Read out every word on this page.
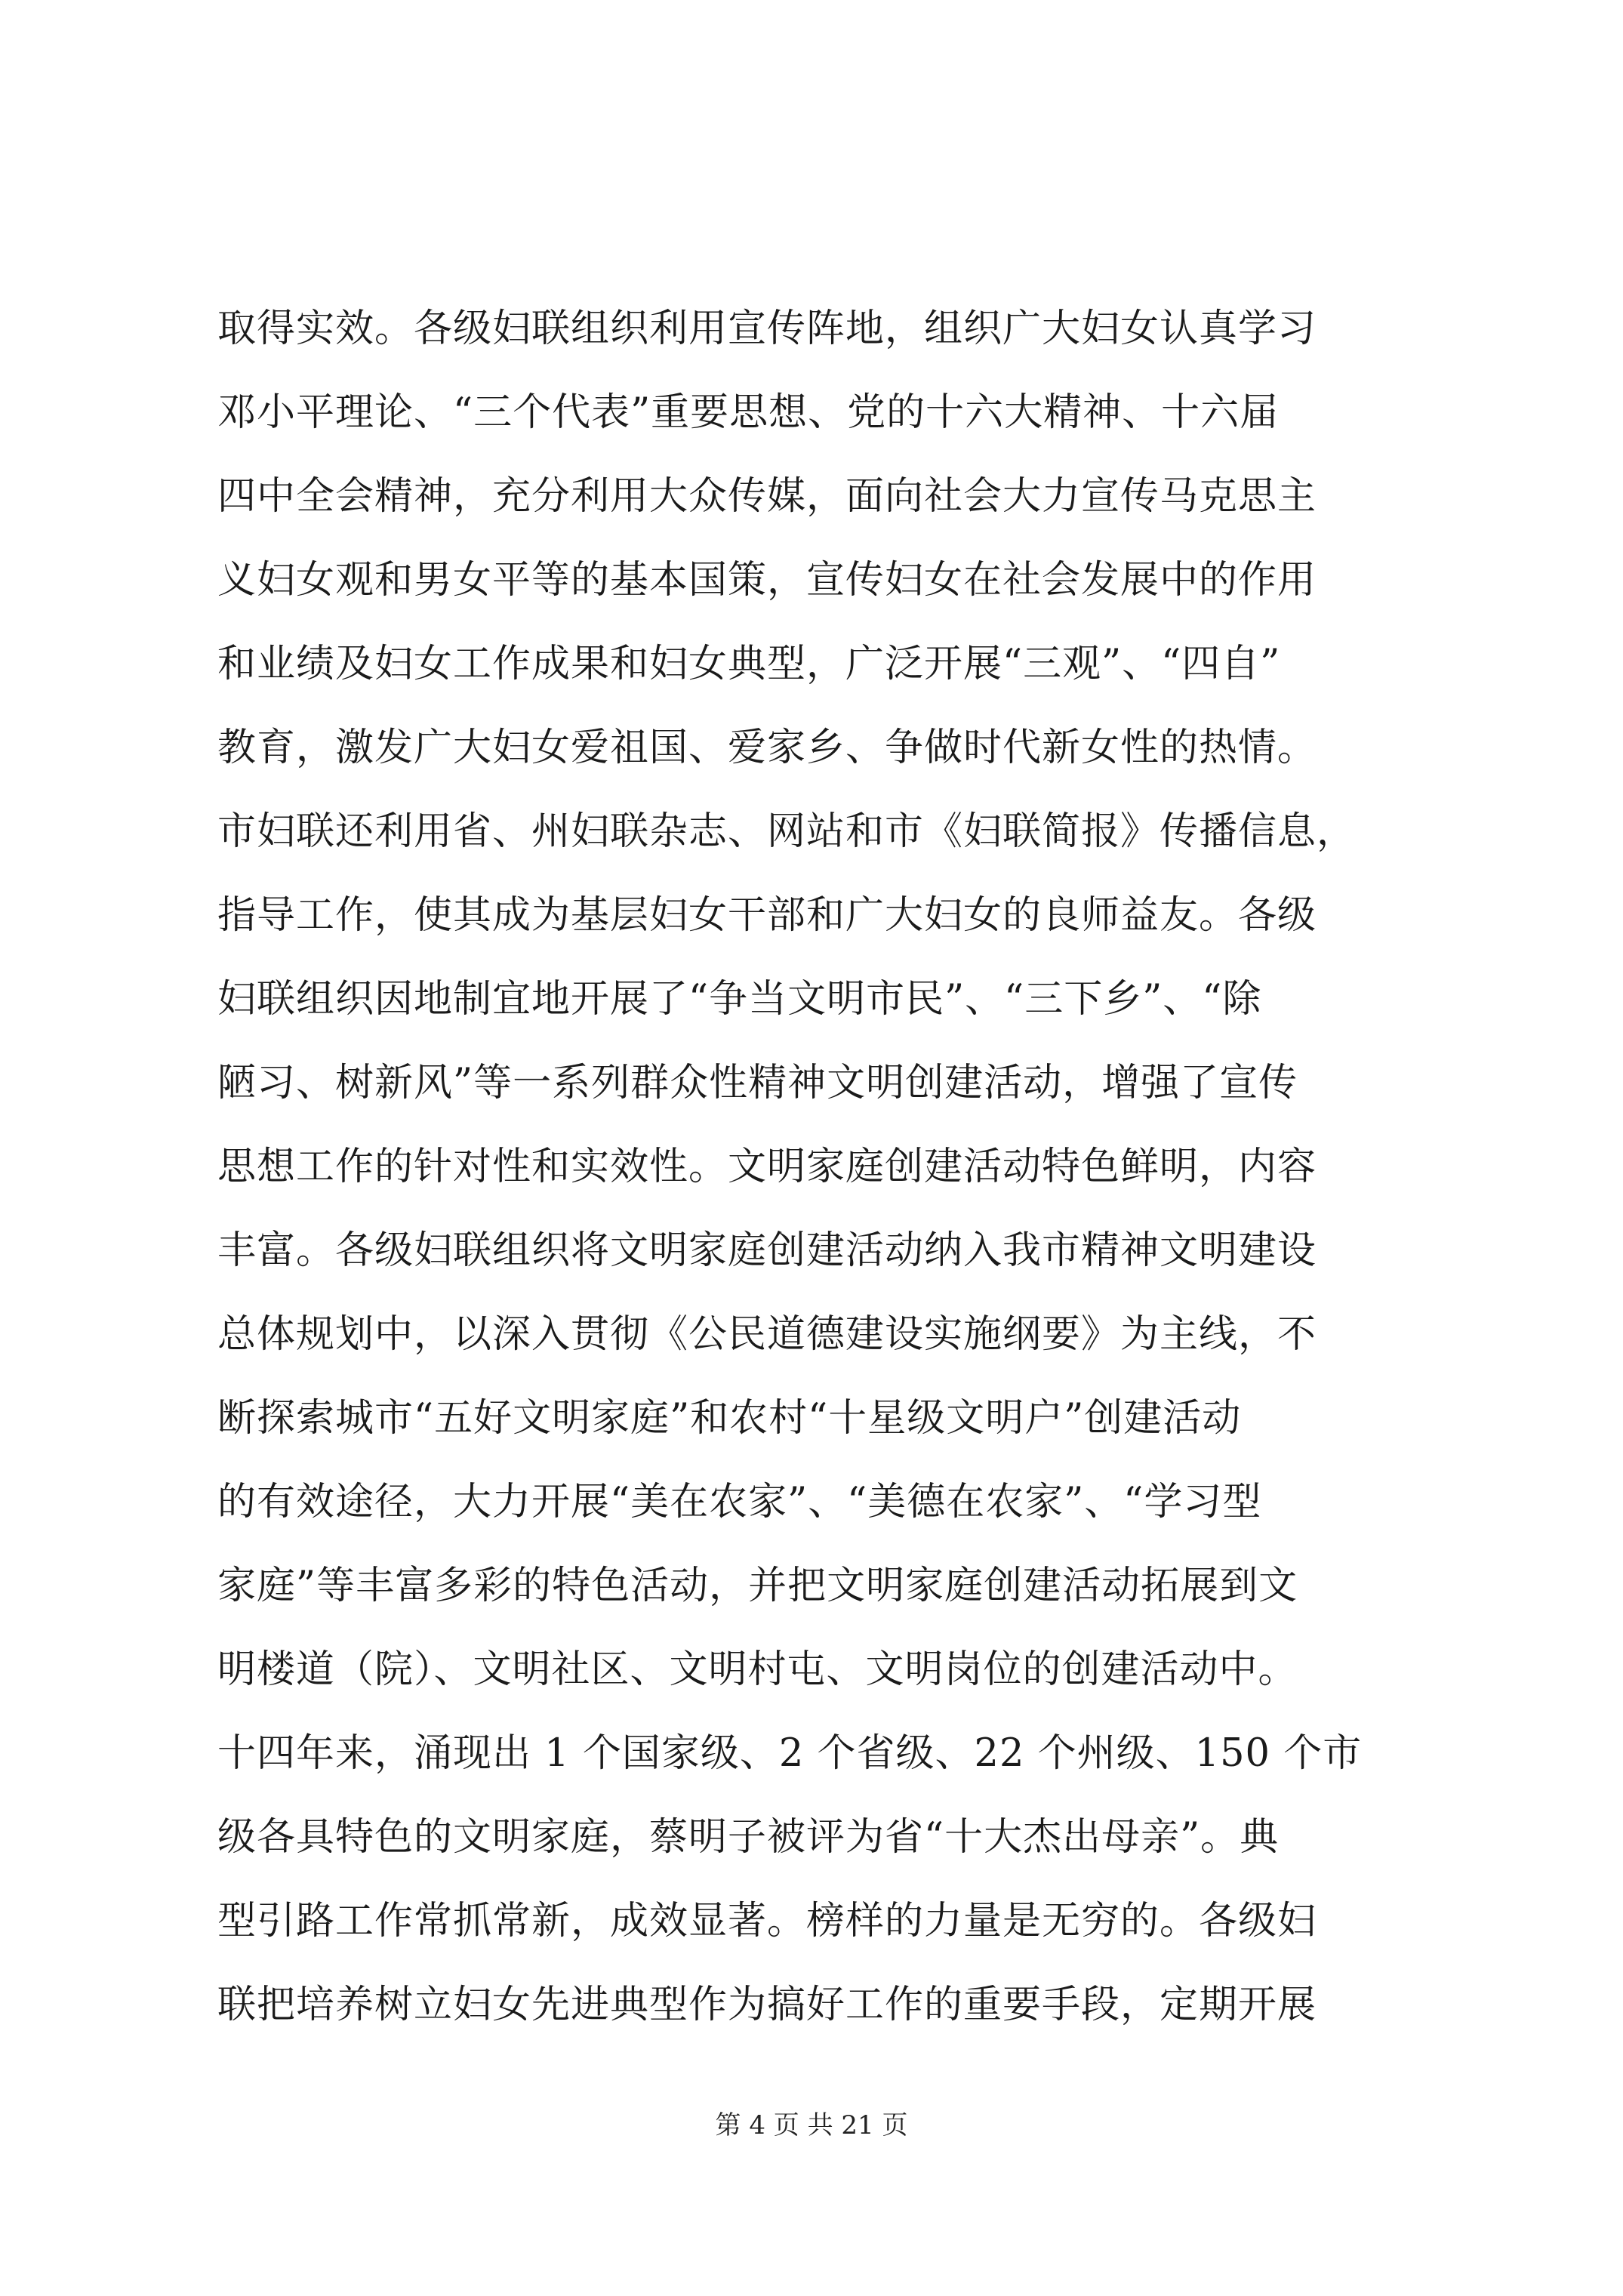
取得实效。各级妇联组织利用宣传阵地，组织广大妇女认真学习
邓小平理论、“三个代表”重要思想、党的十六大精神、十六届
四中全会精神，充分利用大众传媒，面向社会大力宣传马克思主
义妇女观和男女平等的基本国策，宣传妇女在社会发展中的作用
和业绩及妇女工作成果和妇女典型，广泛开展“三观”、“四自”
教育，激发广大妇女爱祖国、爱家乡、争做时代新女性的热情。
市妇联还利用省、州妇联杂志、网站和市《妇联简报》传播信息，
指导工作，使其成为基层妇女干部和广大妇女的良师益友。各级
妇联组织因地制宜地开展了“争当文明市民”、“三下乡”、“除
陋习、树新风”等一系列群众性精神文明创建活动，增强了宣传
思想工作的针对性和实效性。文明家庭创建活动特色鲜明，内容
丰富。各级妇联组织将文明家庭创建活动纳入我市精神文明建设
总体规划中，以深入贯彻《公民道德建设实施纲要》为主线，不
断探索城市“五好文明家庭”和农村“十星级文明户”创建活动
的有效途径，大力开展“美在农家”、“美德在农家”、“学习型
家庭”等丰富多彩的特色活动，并把文明家庭创建活动拓展到文
明楼道（院）、文明社区、文明村屯、文明岗位的创建活动中。
十四年来，涌现出 1 个国家级、2 个省级、22 个州级、150 个市
级各具特色的文明家庭，蔡明子被评为省“十大杰出母亲”。典
型引路工作常抓常新，成效显著。榜样的力量是无穷的。各级妇
联把培养树立妇女先进典型作为搞好工作的重要手段，定期开展
第 4 页 共 21 页
